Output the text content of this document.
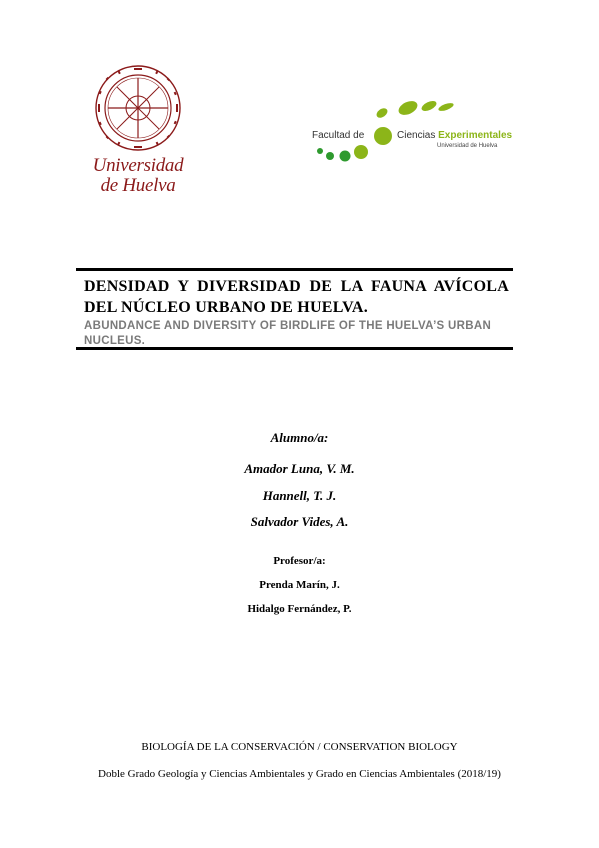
Universidad
de Huelva
Facultad de	Ciencias Experimentales
Universidad de Huelva
DENSIDAD Y DIVERSIDAD DE LA FAUNA AVÍCOLA DEL NÚCLEO URBANO DE HUELVA.
ABUNDANCE AND DIVERSITY OF BIRDLIFE OF THE HUELVA’S URBAN NUCLEUS.
Alumno/a:
Amador Luna, V. M.
Hannell, T. J.
Salvador Vides, A.
Profesor/a:
Prenda Marín, J.
Hidalgo Fernández, P.
BIOLOGÍA DE LA CONSERVACIÓN / CONSERVATION BIOLOGY
Doble Grado Geología y Ciencias Ambientales y Grado en Ciencias Ambientales (2018/19)
